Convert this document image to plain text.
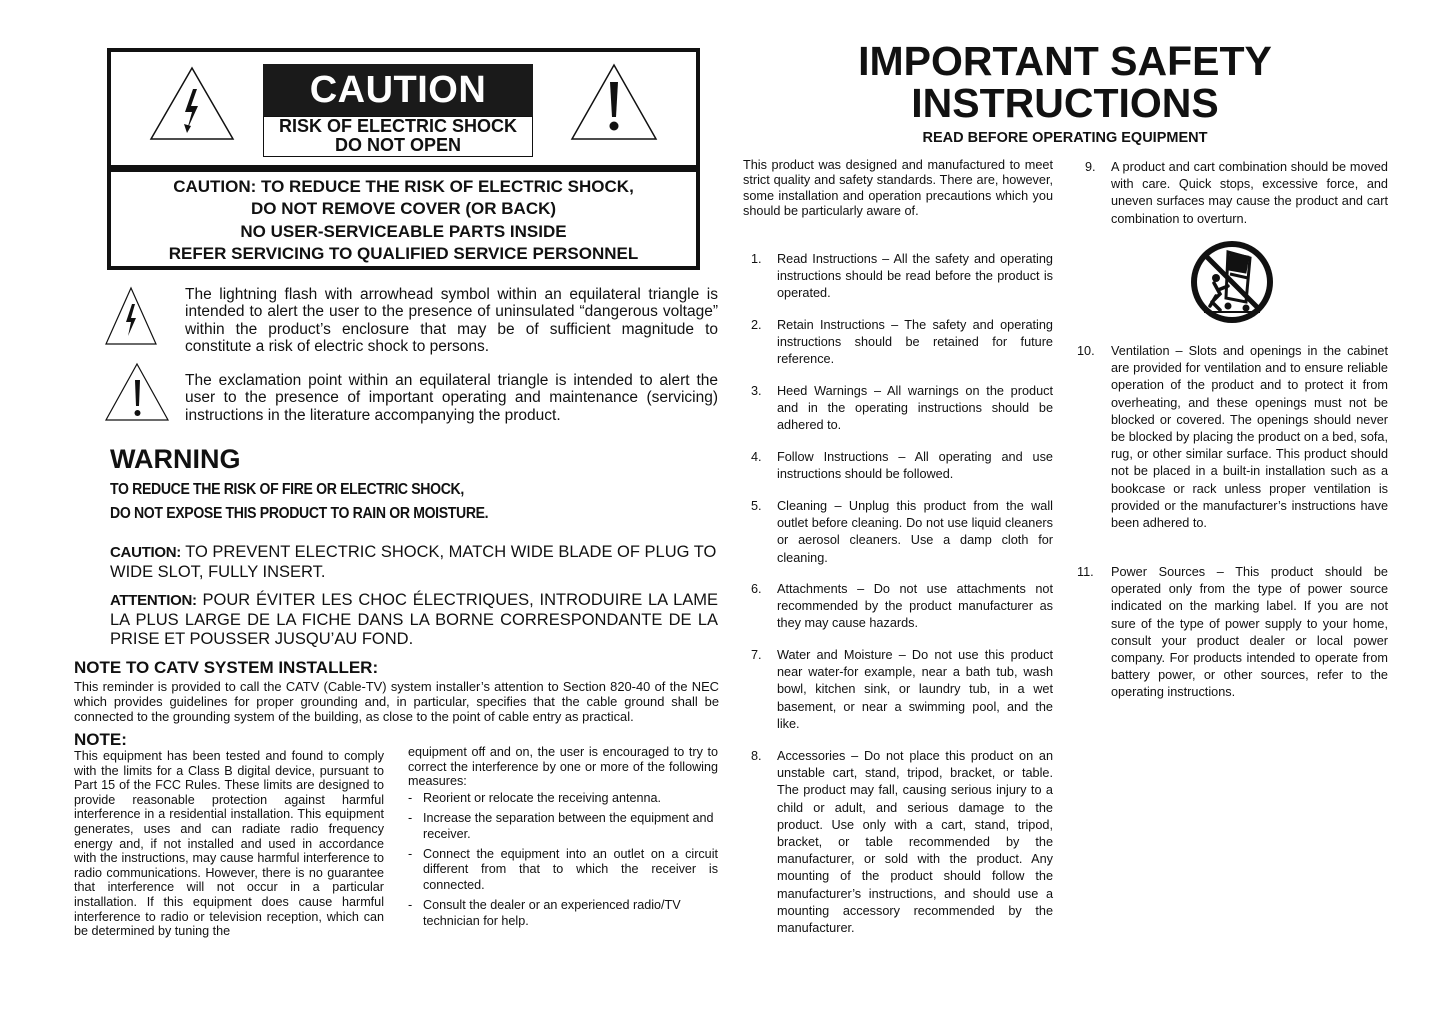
CAUTION
RISK OF ELECTRIC SHOCK
DO NOT OPEN
CAUTION: TO REDUCE THE RISK OF ELECTRIC SHOCK,
DO NOT REMOVE COVER (OR BACK)
NO USER-SERVICEABLE PARTS INSIDE
REFER SERVICING TO QUALIFIED SERVICE PERSONNEL
The lightning flash with arrowhead symbol within an equilateral triangle is intended to alert the user to the presence of uninsulated “dangerous voltage” within the product’s enclosure that may be of sufficient magnitude to constitute a risk of electric shock to persons.
The exclamation point within an equilateral triangle is intended to alert the user to the presence of important operating and maintenance (servicing) instructions in the literature accompanying the product.
WARNING
TO REDUCE THE RISK OF FIRE OR ELECTRIC SHOCK,
DO NOT EXPOSE THIS PRODUCT TO RAIN OR MOISTURE.
CAUTION: TO PREVENT ELECTRIC SHOCK, MATCH WIDE BLADE OF PLUG TO WIDE SLOT, FULLY INSERT.
ATTENTION: POUR ÉVITER LES CHOC ÉLECTRIQUES, INTRODUIRE LA LAME LA PLUS LARGE DE LA FICHE DANS LA BORNE CORRESPONDANTE DE LA PRISE ET POUSSER JUSQU’AU FOND.
NOTE TO CATV SYSTEM INSTALLER:
This reminder is provided to call the CATV (Cable-TV) system installer’s attention to Section 820-40 of the NEC which provides guidelines for proper grounding and, in particular, specifies that the cable ground shall be connected to the grounding system of the building, as close to the point of cable entry as practical.
NOTE:
This equipment has been tested and found to comply with the limits for a Class B digital device, pursuant to Part 15 of the FCC Rules. These limits are designed to provide reasonable protection against harmful interference in a residential installation. This equipment generates, uses and can radiate radio frequency energy and, if not installed and used in accordance with the instructions, may cause harmful interference to radio communications. However, there is no guarantee that interference will not occur in a particular installation. If this equipment does cause harmful interference to radio or television reception, which can be determined by tuning the
equipment off and on, the user is encouraged to try to correct the interference by one or more of the following measures:
- Reorient or relocate the receiving antenna.
- Increase the separation between the equipment and receiver.
- Connect the equipment into an outlet on a circuit different from that to which the receiver is connected.
- Consult the dealer or an experienced radio/TV technician for help.
IMPORTANT SAFETY
INSTRUCTIONS
READ BEFORE OPERATING EQUIPMENT
This product was designed and manufactured to meet strict quality and safety standards. There are, however, some installation and operation precautions which you should be particularly aware of.
1. Read Instructions – All the safety and operating instructions should be read before the product is operated.
2. Retain Instructions – The safety and operating instructions should be retained for future reference.
3. Heed Warnings – All warnings on the product and in the operating instructions should be adhered to.
4. Follow Instructions – All operating and use instructions should be followed.
5. Cleaning – Unplug this product from the wall outlet before cleaning. Do not use liquid cleaners or aerosol cleaners. Use a damp cloth for cleaning.
6. Attachments – Do not use attachments not recommended by the product manufacturer as they may cause hazards.
7. Water and Moisture – Do not use this product near water-for example, near a bath tub, wash bowl, kitchen sink, or laundry tub, in a wet basement, or near a swimming pool, and the like.
8. Accessories – Do not place this product on an unstable cart, stand, tripod, bracket, or table. The product may fall, causing serious injury to a child or adult, and serious damage to the product. Use only with a cart, stand, tripod, bracket, or table recommended by the manufacturer, or sold with the product. Any mounting of the product should follow the manufacturer’s instructions, and should use a mounting accessory recommended by the manufacturer.
9. A product and cart combination should be moved with care. Quick stops, excessive force, and uneven surfaces may cause the product and cart combination to overturn.
10. Ventilation – Slots and openings in the cabinet are provided for ventilation and to ensure reliable operation of the product and to protect it from overheating, and these openings must not be blocked or covered. The openings should never be blocked by placing the product on a bed, sofa, rug, or other similar surface. This product should not be placed in a built-in installation such as a bookcase or rack unless proper ventilation is provided or the manufacturer’s instructions have been adhered to.
11. Power Sources – This product should be operated only from the type of power source indicated on the marking label. If you are not sure of the type of power supply to your home, consult your product dealer or local power company. For products intended to operate from battery power, or other sources, refer to the operating instructions.
